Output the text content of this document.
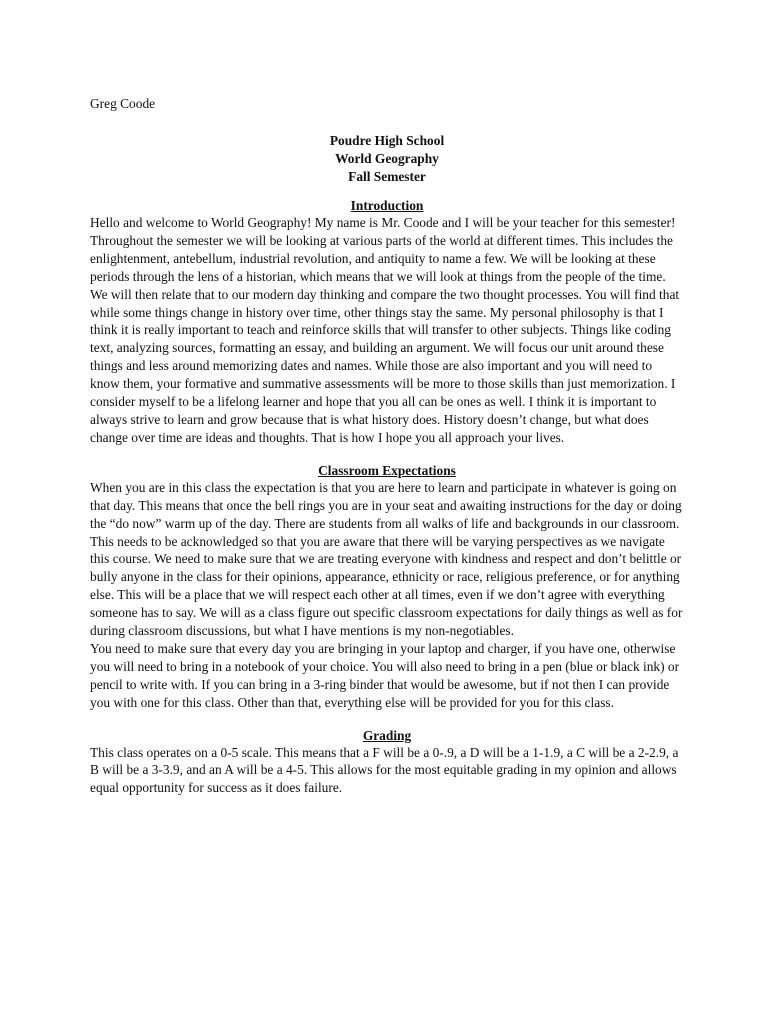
Greg Coode

Poudre High School
World Geography
Fall Semester
Introduction

Hello and welcome to World Geography! My name is Mr. Coode and I will be your teacher for this semester! Throughout the semester we will be looking at various parts of the world at different times. This includes the enlightenment, antebellum, industrial revolution, and antiquity to name a few. We will be looking at these periods through the lens of a historian, which means that we will look at things from the people of the time. We will then relate that to our modern day thinking and compare the two thought processes. You will find that while some things change in history over time, other things stay the same. My personal philosophy is that I think it is really important to teach and reinforce skills that will transfer to other subjects. Things like coding text, analyzing sources, formatting an essay, and building an argument. We will focus our unit around these things and less around memorizing dates and names. While those are also important and you will need to know them, your formative and summative assessments will be more to those skills than just memorization. I consider myself to be a lifelong learner and hope that you all can be ones as well. I think it is important to always strive to learn and grow because that is what history does. History doesn’t change, but what does change over time are ideas and thoughts. That is how I hope you all approach your lives.

Classroom Expectations

When you are in this class the expectation is that you are here to learn and participate in whatever is going on that day. This means that once the bell rings you are in your seat and awaiting instructions for the day or doing the “do now” warm up of the day. There are students from all walks of life and backgrounds in our classroom. This needs to be acknowledged so that you are aware that there will be varying perspectives as we navigate this course. We need to make sure that we are treating everyone with kindness and respect and don’t belittle or bully anyone in the class for their opinions, appearance, ethnicity or race, religious preference, or for anything else. This will be a place that we will respect each other at all times, even if we don’t agree with everything someone has to say. We will as a class figure out specific classroom expectations for daily things as well as for during classroom discussions, but what I have mentions is my non-negotiables.

You need to make sure that every day you are bringing in your laptop and charger, if you have one, otherwise you will need to bring in a notebook of your choice. You will also need to bring in a pen (blue or black ink) or pencil to write with. If you can bring in a 3-ring binder that would be awesome, but if not then I can provide you with one for this class. Other than that, everything else will be provided for you for this class.

Grading

This class operates on a 0-5 scale. This means that a F will be a 0-.9, a D will be a 1-1.9, a C will be a 2-2.9, a B will be a 3-3.9, and an A will be a 4-5. This allows for the most equitable grading in my opinion and allows equal opportunity for success as it does failure.
